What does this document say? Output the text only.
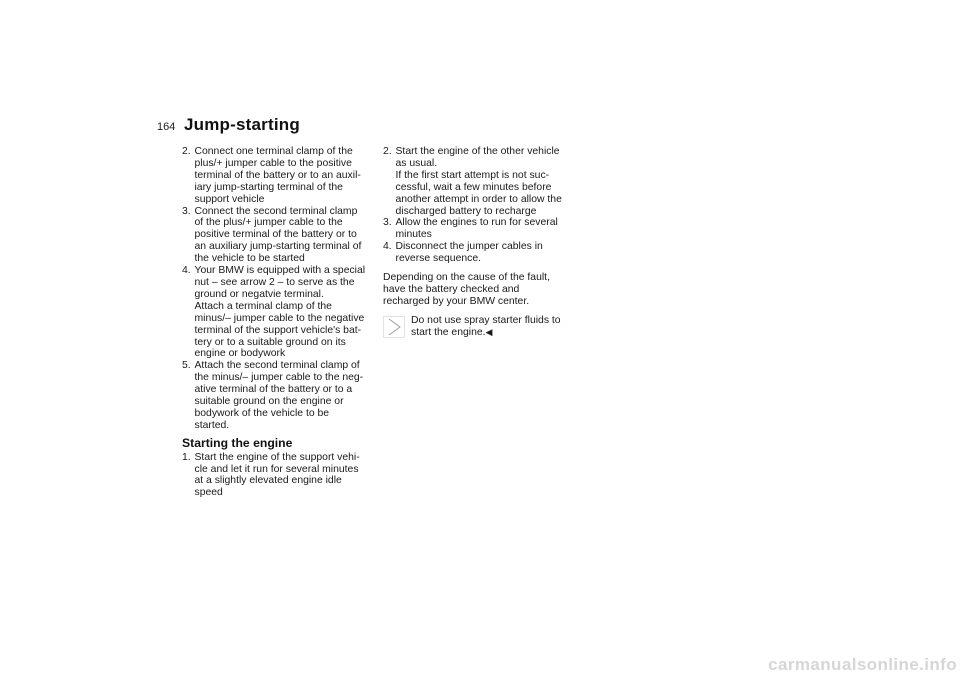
164 Jump-starting
2. Connect one terminal clamp of the
plus/+ jumper cable to the positive
terminal of the battery or to an auxil-
iary jump-starting terminal of the
support vehicle
3. Connect the second terminal clamp
of the plus/+ jumper cable to the
positive terminal of the battery or to
an auxiliary jump-starting terminal of
the vehicle to be started
4. Your BMW is equipped with a special
nut – see arrow 2 – to serve as the
ground or negatvie terminal.
Attach a terminal clamp of the
minus/– jumper cable to the negative
terminal of the support vehicle's bat-
tery or to a suitable ground on its
engine or bodywork
5. Attach the second terminal clamp of
the minus/– jumper cable to the neg-
ative terminal of the battery or to a
suitable ground on the engine or
bodywork of the vehicle to be
started.
Starting the engine
1. Start the engine of the support vehi-
cle and let it run for several minutes
at a slightly elevated engine idle
speed
2. Start the engine of the other vehicle
as usual.
If the first start attempt is not suc-
cessful, wait a few minutes before
another attempt in order to allow the
discharged battery to recharge
3. Allow the engines to run for several
minutes
4. Disconnect the jumper cables in
reverse sequence.
Depending on the cause of the fault,
have the battery checked and
recharged by your BMW center.
Do not use spray starter fluids to
start the engine.◀
carmanualsonline.info
